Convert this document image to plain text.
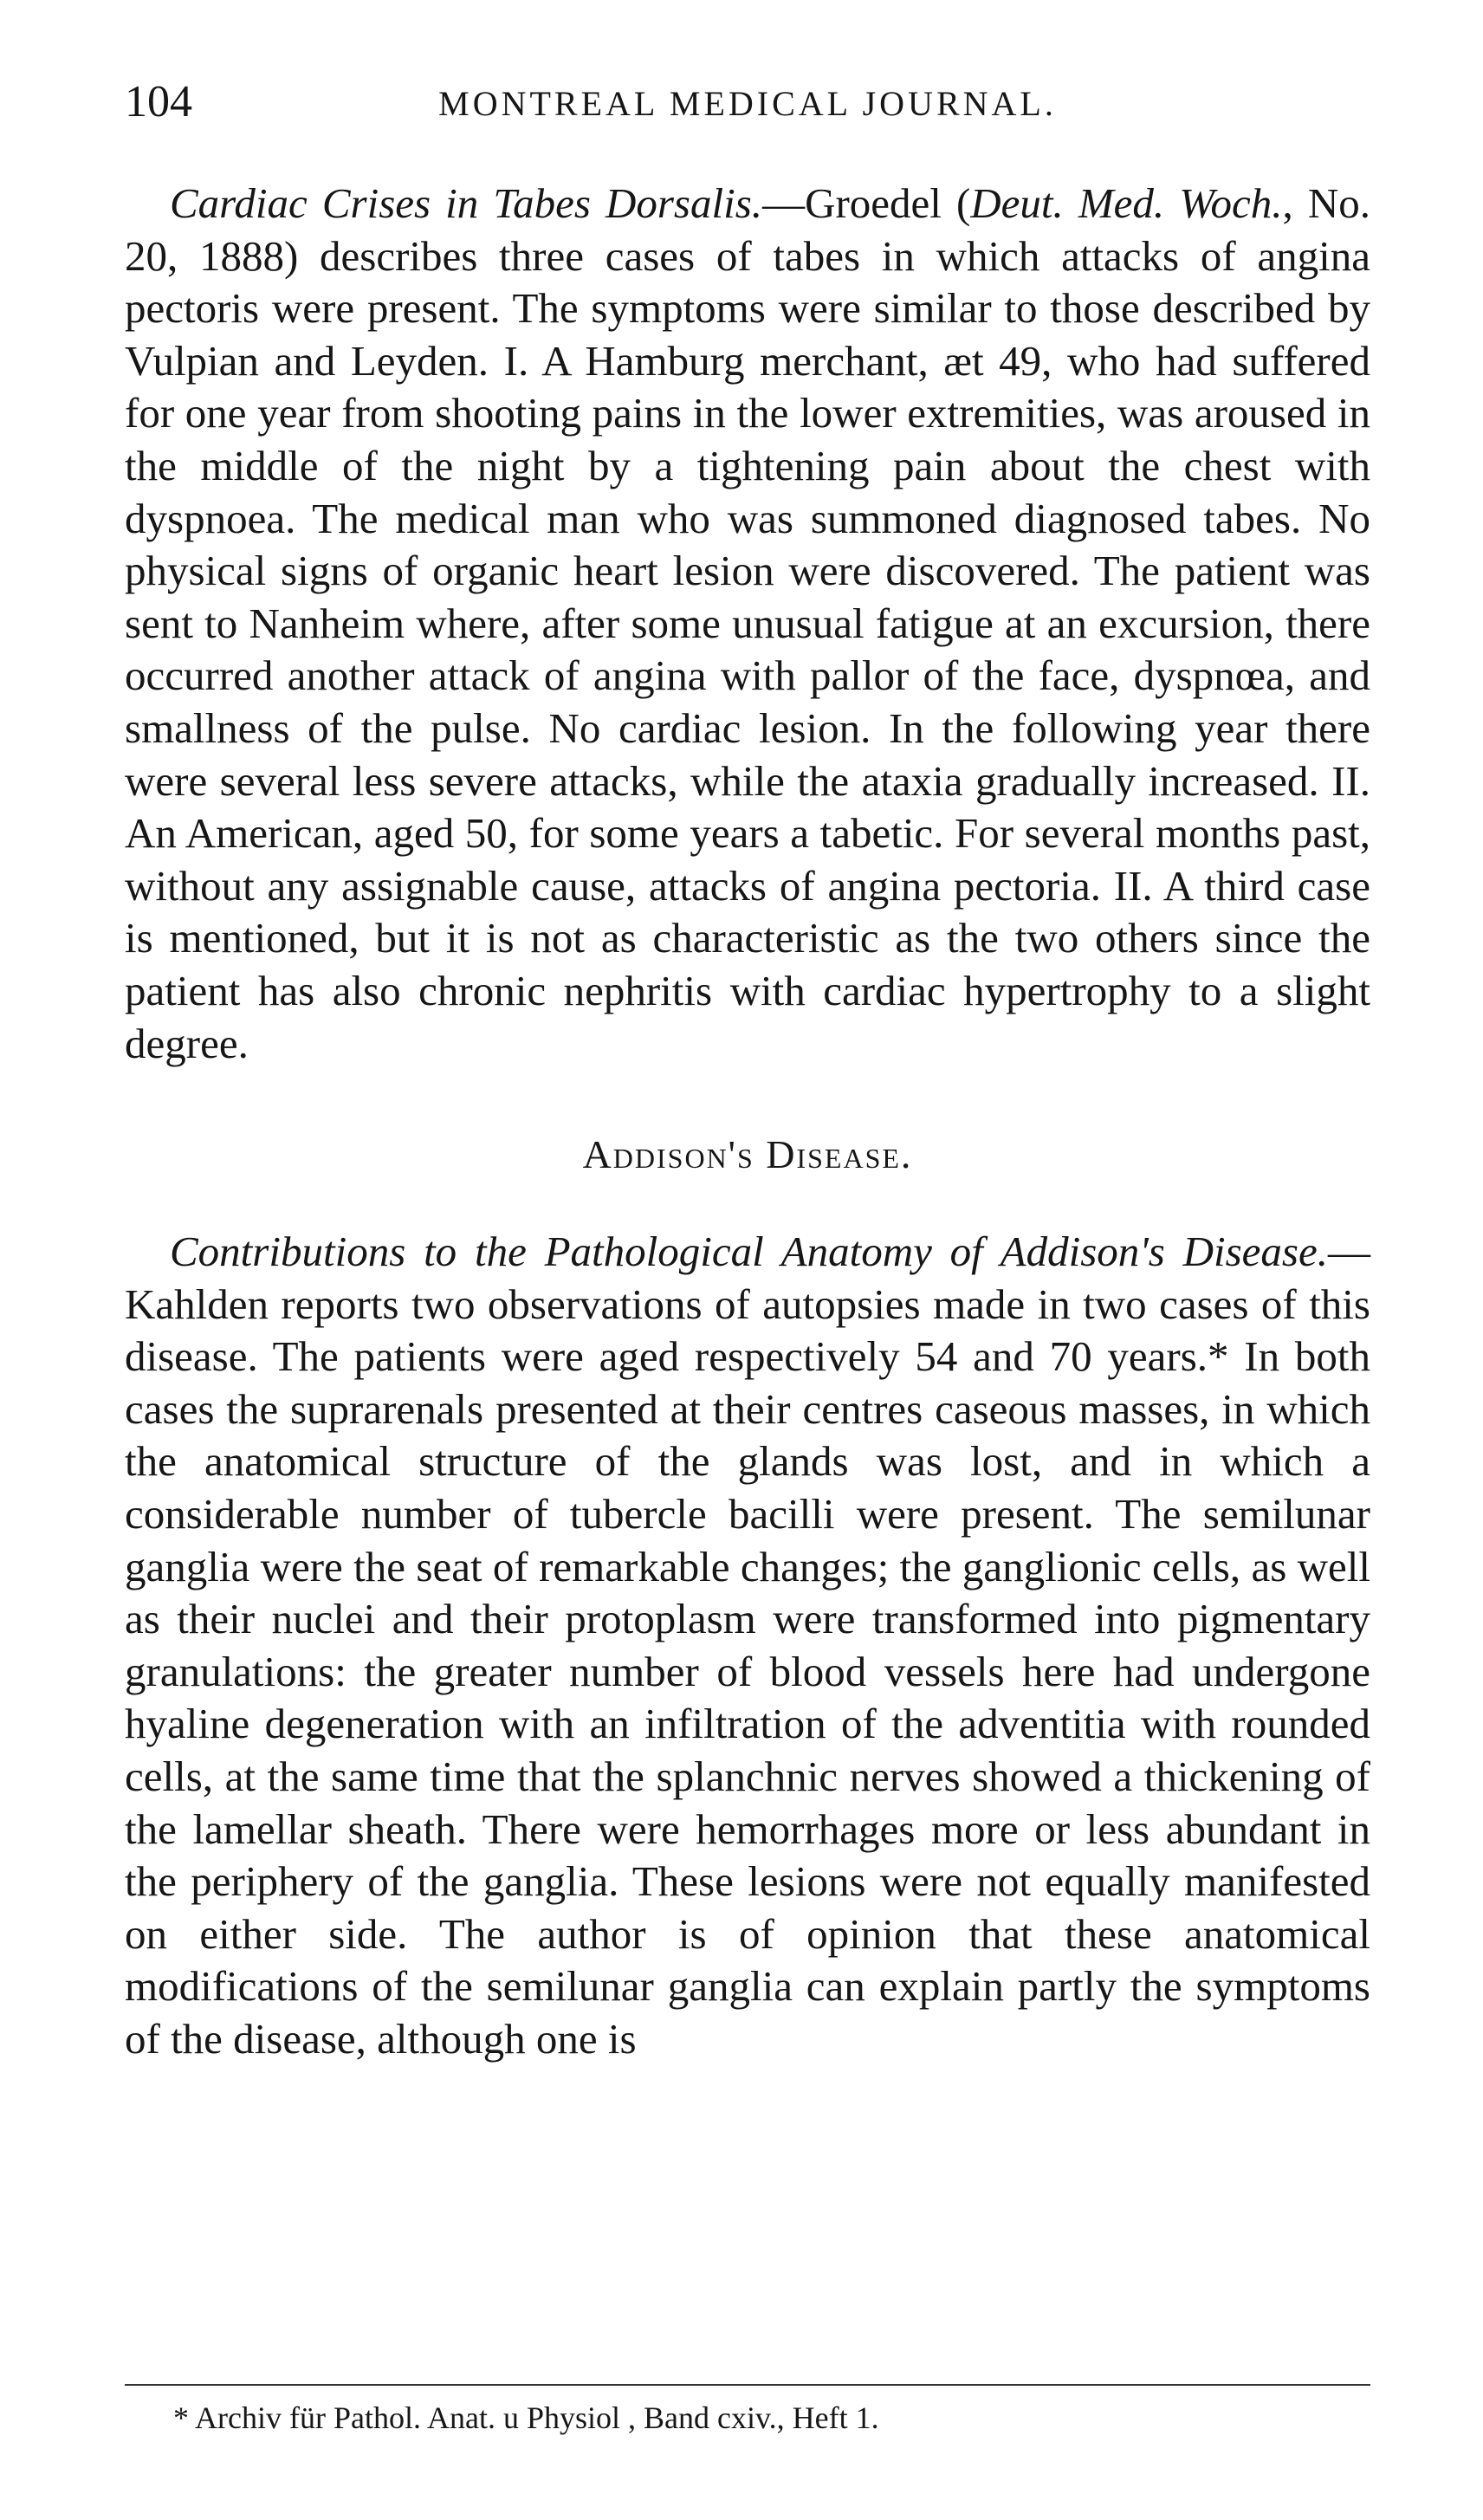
104	MONTREAL MEDICAL JOURNAL.

Cardiac Crises in Tabes Dorsalis.—Groedel (Deut. Med. Woch., No. 20, 1888) describes three cases of tabes in which attacks of angina pectoris were present. The symptoms were similar to those described by Vulpian and Leyden. I. A Hamburg merchant, æt 49, who had suffered for one year from shooting pains in the lower extremities, was aroused in the middle of the night by a tightening pain about the chest with dyspnoea. The medical man who was summoned diagnosed tabes. No physical signs of organic heart lesion were discovered. The patient was sent to Nanheim where, after some unusual fatigue at an excursion, there occurred another attack of angina with pallor of the face, dyspnœa, and smallness of the pulse. No cardiac lesion. In the following year there were several less severe attacks, while the ataxia gradually increased. II. An American, aged 50, for some years a tabetic. For several months past, without any assignable cause, attacks of angina pectoria. II. A third case is mentioned, but it is not as characteristic as the two others since the patient has also chronic nephritis with cardiac hypertrophy to a slight degree.

Addison's Disease.

Contributions to the Pathological Anatomy of Addison's Disease.—Kahlden reports two observations of autopsies made in two cases of this disease. The patients were aged respectively 54 and 70 years.* In both cases the suprarenals presented at their centres caseous masses, in which the anatomical structure of the glands was lost, and in which a considerable number of tubercle bacilli were present. The semilunar ganglia were the seat of remarkable changes; the ganglionic cells, as well as their nuclei and their protoplasm were transformed into pigmentary granulations: the greater number of blood vessels here had undergone hyaline degeneration with an infiltration of the adventitia with rounded cells, at the same time that the splanchnic nerves showed a thickening of the lamellar sheath. There were hemorrhages more or less abundant in the periphery of the ganglia. These lesions were not equally manifested on either side. The author is of opinion that these anatomical modifications of the semilunar ganglia can explain partly the symptoms of the disease, although one is

* Archiv für Pathol. Anat. u Physiol , Band cxiv., Heft 1.
